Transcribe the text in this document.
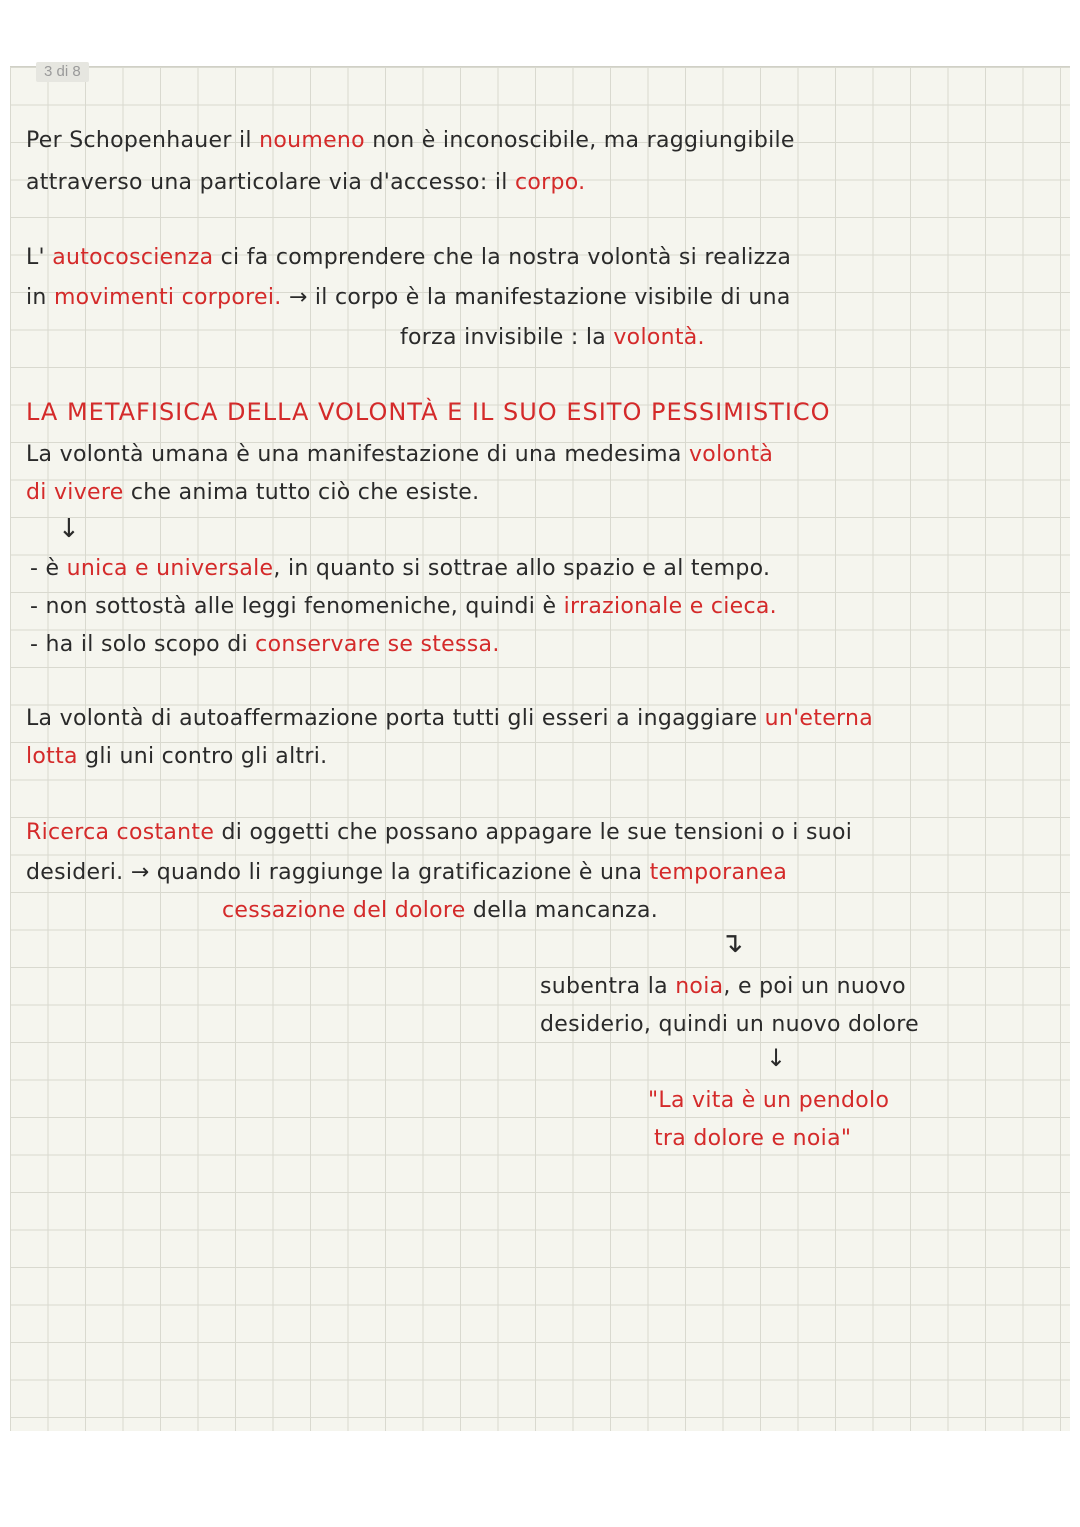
3 di 8
Per Schopenhauer il noumeno non è inconoscibile, ma raggiungibile
attraverso una particolare via d'accesso: il corpo.
L' autocoscienza ci fa comprendere che la nostra volontà si realizza
in movimenti corporei. → il corpo è la manifestazione visibile di una
forza invisibile : la volontà.
LA METAFISICA DELLA VOLONTÀ E IL SUO ESITO PESSIMISTICO
La volontà umana è una manifestazione di una medesima volontà
di vivere che anima tutto ciò che esiste.
↓
- è unica e universale, in quanto si sottrae allo spazio e al tempo.
- non sottostà alle leggi fenomeniche, quindi è irrazionale e cieca.
- ha il solo scopo di conservare se stessa.
La volontà di autoaffermazione porta tutti gli esseri a ingaggiare un'eterna
lotta gli uni contro gli altri.
Ricerca costante di oggetti che possano appagare le sue tensioni o i suoi
desideri. → quando li raggiunge la gratificazione è una temporanea
cessazione del dolore della mancanza.
↴
subentra la noia, e poi un nuovo
desiderio, quindi un nuovo dolore
↓
"La vita è un pendolo
tra dolore e noia"
